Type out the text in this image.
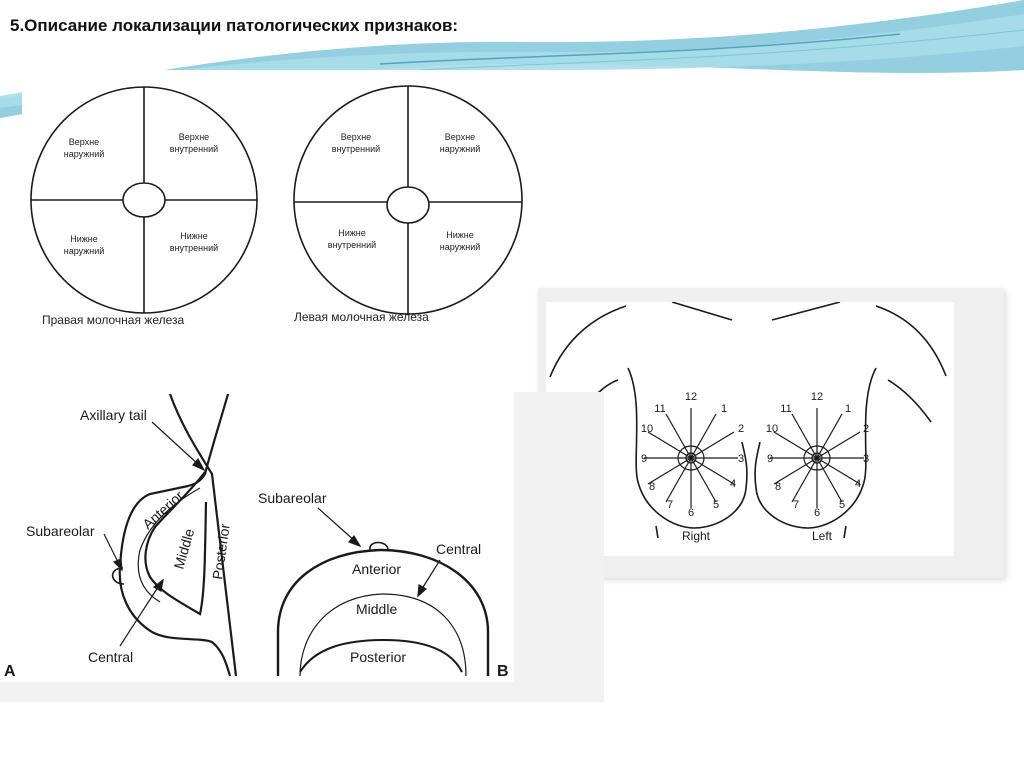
5.Описание локализации патологических признаков:
Верхне
наружний
Верхне
внутренний
Нижне
наружний
Нижне
внутренний
Правая молочная железа
Верхне
внутренний
Верхне
наружний
Нижне
внутренний
Нижне
наружний
Левая молочная железа
12
1
2
3
4
5
6
7
8
9
10
11
12
1
2
3
4
5
6
7
8
9
10
11
Right	Left
Axillary tail
Subareolar
Central
Anterior
Middle Posterior
A
Subareolar
Central
Anterior
Middle
Posterior
B
